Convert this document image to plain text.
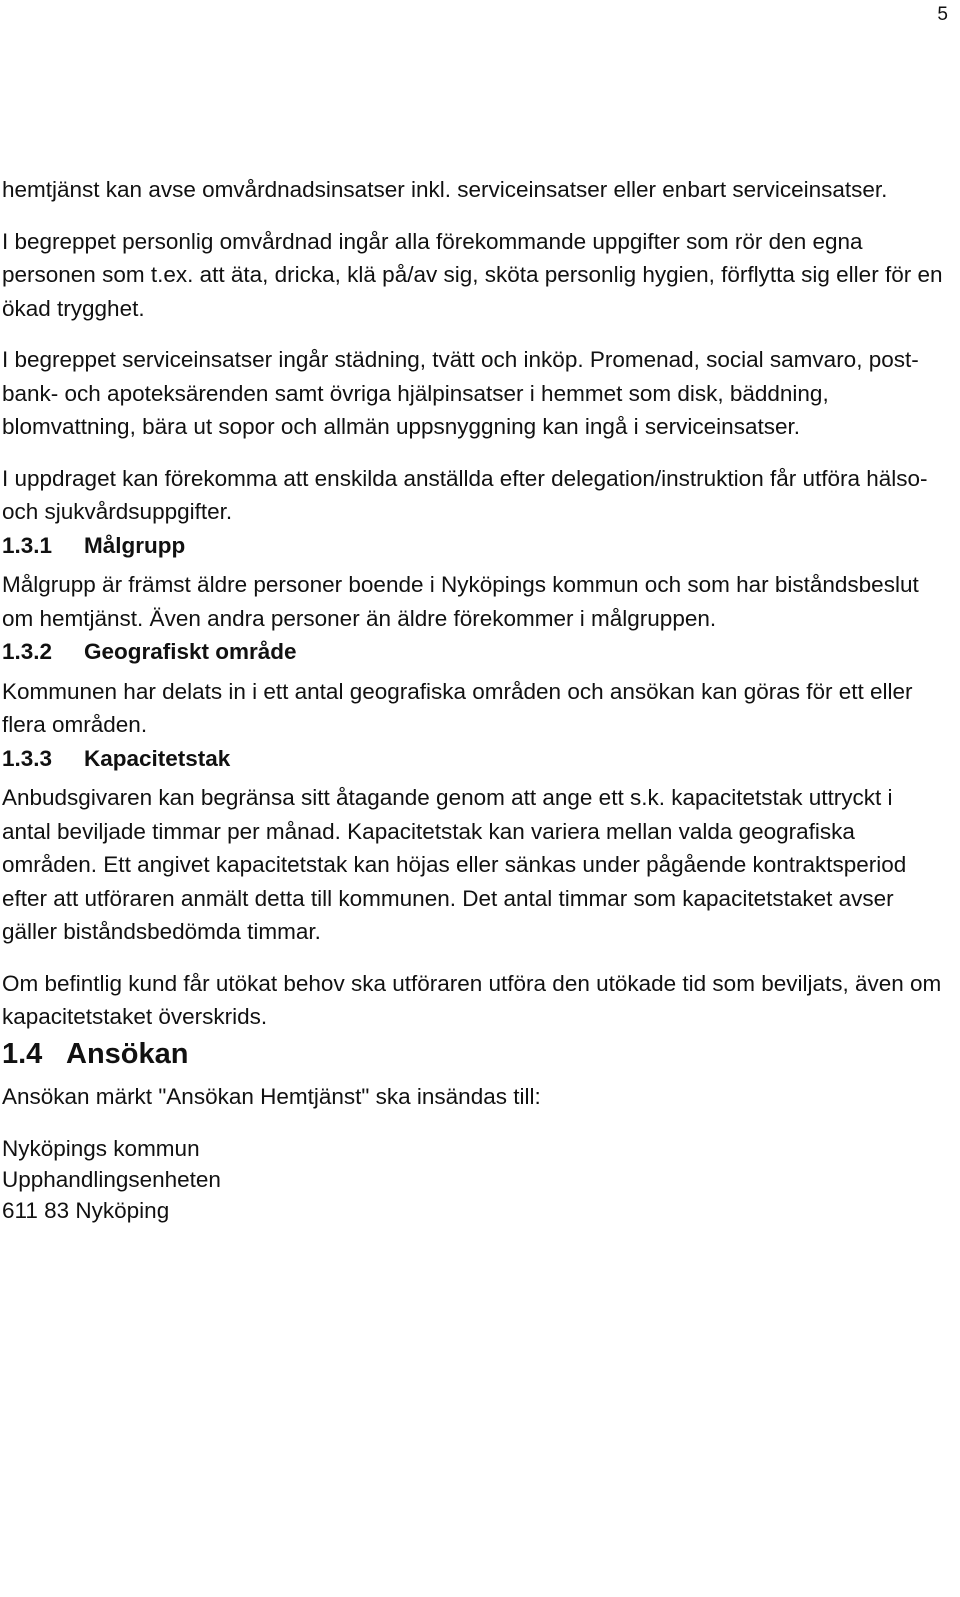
5

hemtjänst kan avse omvårdnadsinsatser inkl. serviceinsatser eller enbart serviceinsatser.

I begreppet personlig omvårdnad ingår alla förekommande uppgifter som rör den egna personen som t.ex. att äta, dricka, klä på/av sig, sköta personlig hygien, förflytta sig eller för en ökad trygghet.

I begreppet serviceinsatser ingår städning, tvätt och inköp. Promenad, social samvaro, post- bank- och apoteksärenden samt övriga hjälpinsatser i hemmet som disk, bäddning, blomvattning, bära ut sopor och allmän uppsnyggning kan ingå i serviceinsatser.

I uppdraget kan förekomma att enskilda anställda efter delegation/instruktion får utföra hälso- och sjukvårdsuppgifter.

1.3.1	Målgrupp

Målgrupp är främst äldre personer boende i Nyköpings kommun och som har biståndsbeslut om hemtjänst. Även andra personer än äldre förekommer i målgruppen.

1.3.2	Geografiskt område

Kommunen har delats in i ett antal geografiska områden och ansökan kan göras för ett eller flera områden.

1.3.3	Kapacitetstak

Anbudsgivaren kan begränsa sitt åtagande genom att ange ett s.k. kapacitetstak uttryckt i antal beviljade timmar per månad. Kapacitetstak kan variera mellan valda geografiska områden. Ett angivet kapacitetstak kan höjas eller sänkas under pågående kontraktsperiod efter att utföraren anmält detta till kommunen. Det antal timmar som kapacitetstaket avser gäller biståndsbedömda timmar.

Om befintlig kund får utökat behov ska utföraren utföra den utökade tid som beviljats, även om kapacitetstaket överskrids.

1.4 Ansökan

Ansökan märkt "Ansökan Hemtjänst" ska insändas till:

Nyköpings kommun

Upphandlingsenheten

611 83 Nyköping
